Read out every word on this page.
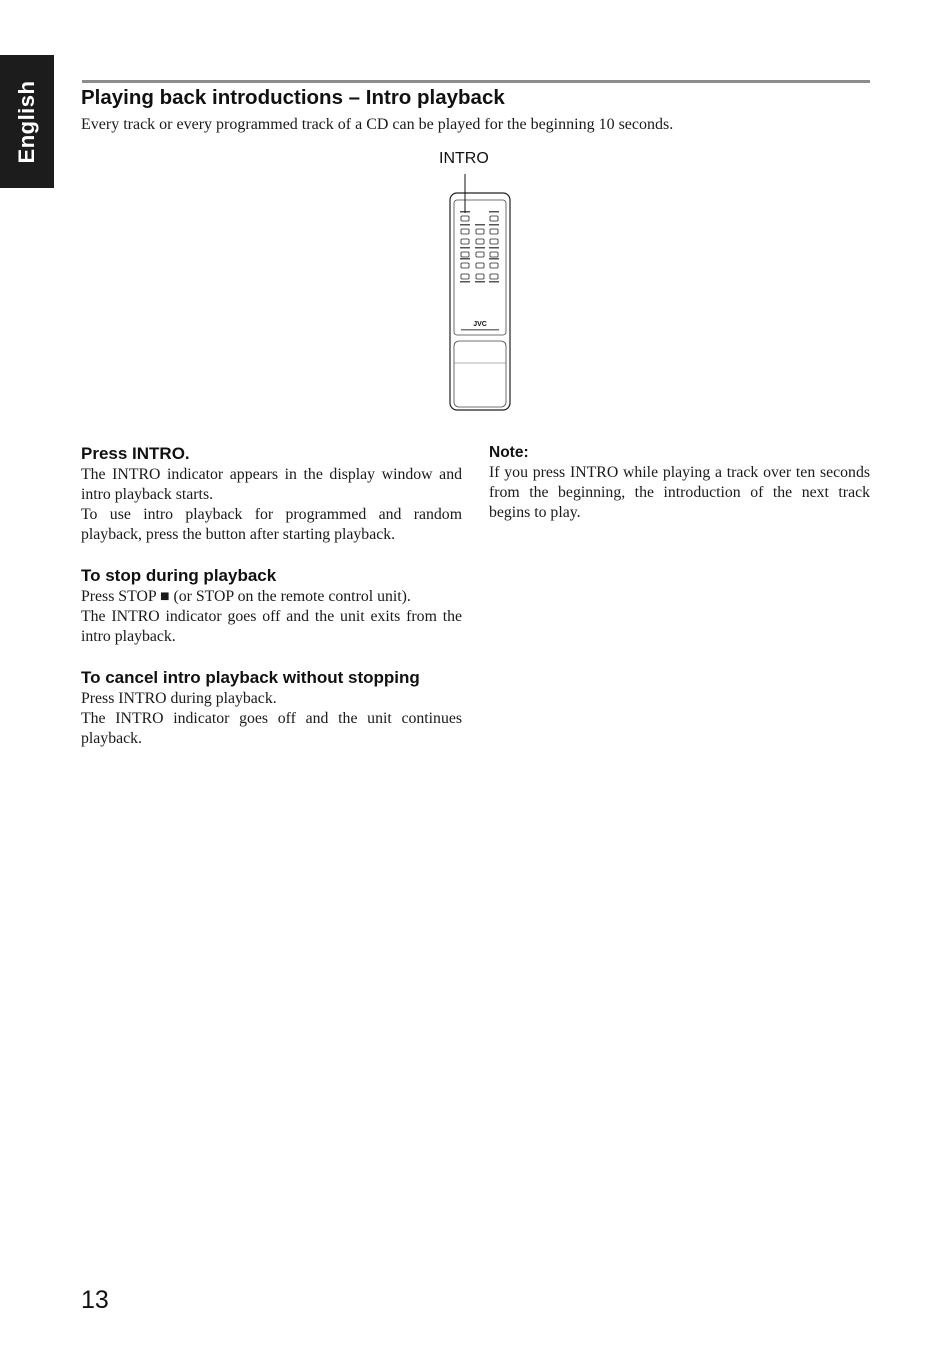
English Playing back introductions – Intro playback

Every track or every programmed track of a CD can be played for the beginning 10 seconds.

JVC
INTRO
Press INTRO.

The INTRO indicator appears in the display window and intro playback starts.

To use intro playback for programmed and random playback, press the button after starting playback.

To stop during playback

Press STOP ■ (or STOP on the remote control unit).

The INTRO indicator goes off and the unit exits from the intro playback.

To cancel intro playback without stopping

Press INTRO during playback.

The INTRO indicator goes off and the unit continues playback.

Note:

If you press INTRO while playing a track over ten seconds from the beginning, the introduction of the next track begins to play.

13
